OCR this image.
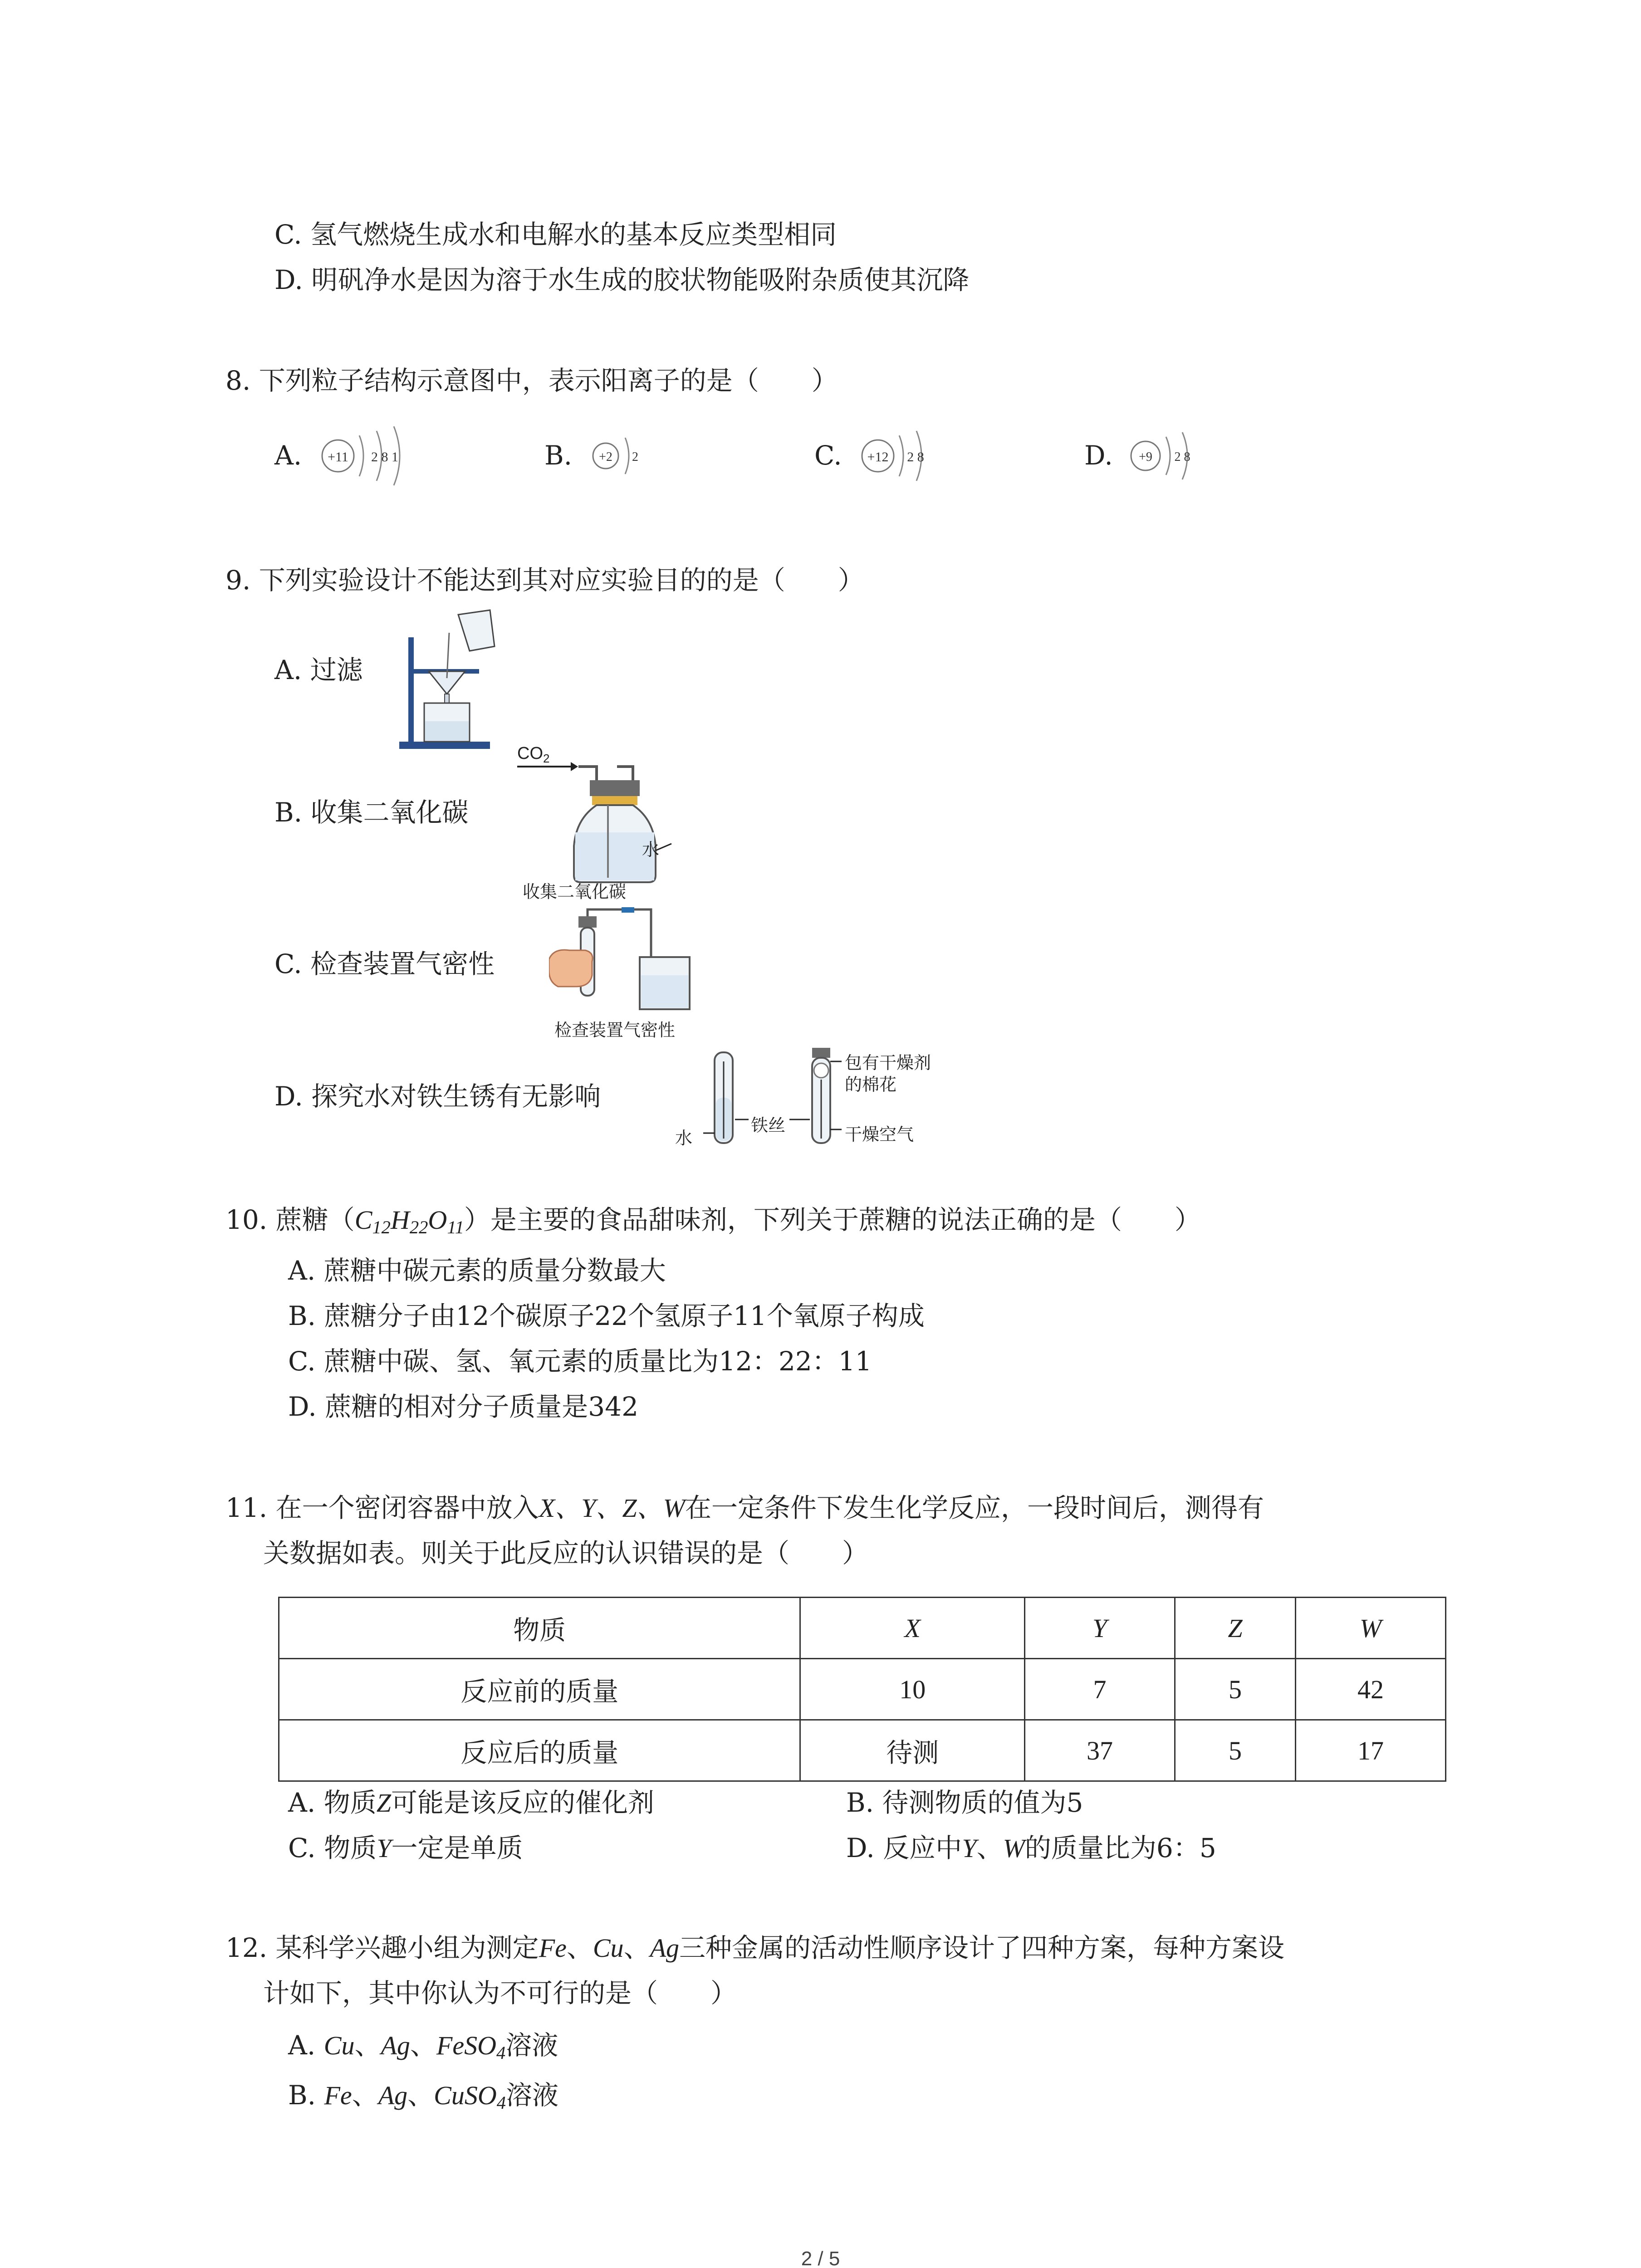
C. 氢气燃烧生成水和电解水的基本反应类型相同
D. 明矾净水是因为溶于水生成的胶状物能吸附杂质使其沉降
8. 下列粒子结构示意图中，表示阳离子的是（　　）
A. +11 2 8 1	B. +2 2	C. +12 2 8	D. +9 2 8
9. 下列实验设计不能达到其对应实验目的的是（　　）
A. 过滤
B. 收集二氧化碳
$CO_2$
水
收集二氧化碳
C. 检查装置气密性
检查装置气密性
D. 探究水对铁生锈有无影响
包有干燥剂
的棉花
水
铁丝	干燥空气
10. 蔗糖$(C_{12}H_{22}O_{11})$是主要的食品甜味剂，下列关于蔗糖的说法正确的是（　　）
A. 蔗糖中碳元素的质量分数最大
B. 蔗糖分子由12个碳原子22个氢原子11个氧原子构成
C. 蔗糖中碳、氢、氧元素的质量比为12：22：11
D. 蔗糖的相对分子质量是342
11. 在一个密闭容器中放入X、Y、Z、W在一定条件下发生化学反应，一段时间后，测得有
关数据如表。则关于此反应的认识错误的是（　　）
物质	X	Y	Z	W
反应前的质量	10	7	5	42
反应后的质量	待测	37	5	17
A. 物质Z可能是该反应的催化剂	B. 待测物质的值为5
C. 物质Y一定是单质	D. 反应中Y、W的质量比为6：5
12. 某科学兴趣小组为测定Fe、Cu、Ag三种金属的活动性顺序设计了四种方案，每种方案设
计如下，其中你认为不可行的是（　　）
A. Cu、Ag、FeSO$_4$溶液
B. Fe、Ag、CuSO$_4$溶液
2 / 5
